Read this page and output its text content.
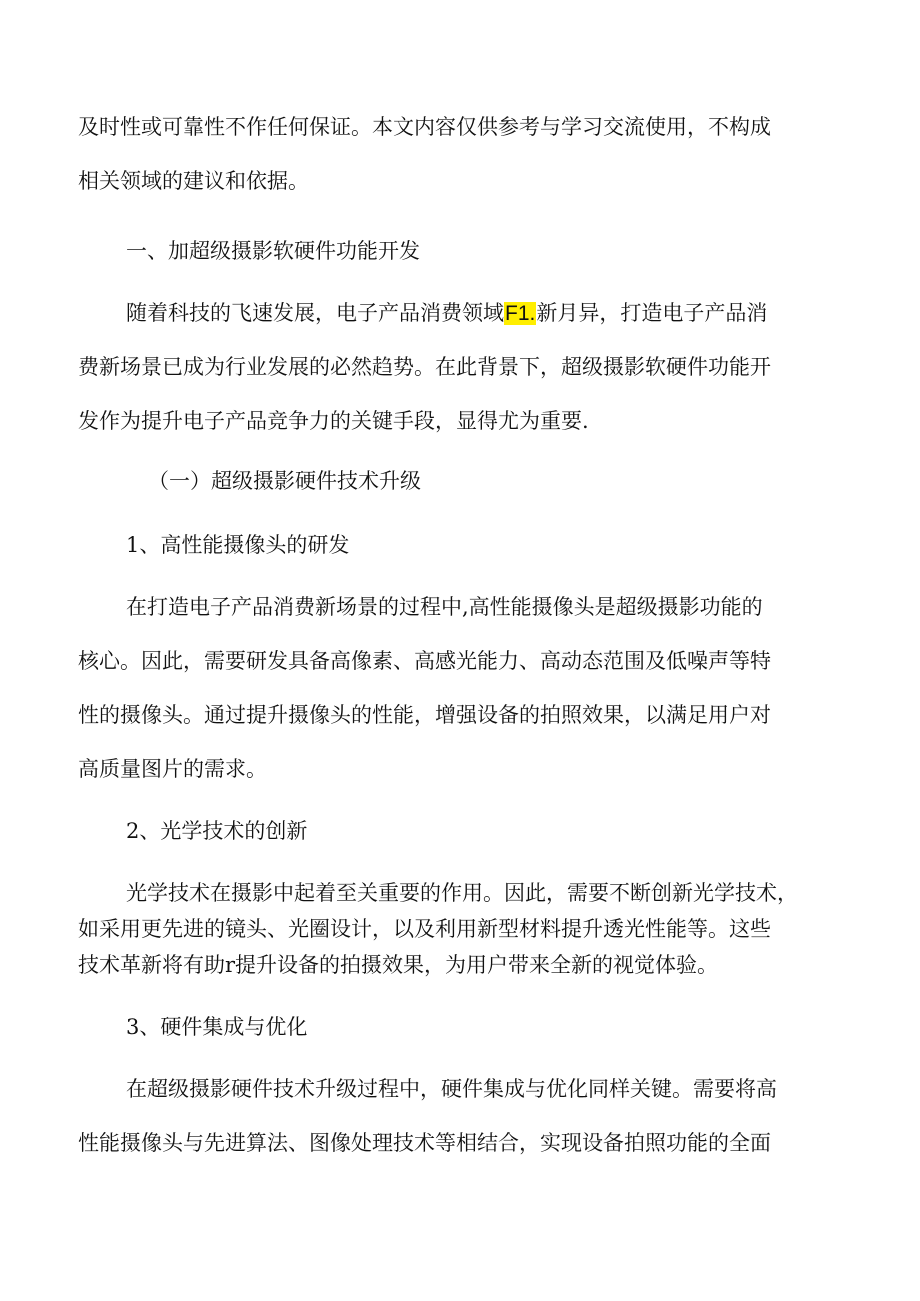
及时性或可靠性不作任何保证。本文内容仅供参考与学习交流使用，不构成

相关领域的建议和依据。

一、加超级摄影软硬件功能开发

随着科技的飞速发展，电子产品消费领域F1.新月异，打造电子产品消

费新场景已成为行业发展的必然趋势。在此背景下，超级摄影软硬件功能开

发作为提升电子产品竞争力的关键手段，显得尤为重要.

（一）超级摄影硬件技术升级

1、高性能摄像头的研发

在打造电子产品消费新场景的过程中,高性能摄像头是超级摄影功能的

核心。因此，需要研发具备高像素、高感光能力、高动态范围及低噪声等特

性的摄像头。通过提升摄像头的性能，增强设备的拍照效果，以满足用户对

高质量图片的需求。

2、光学技术的创新

光学技术在摄影中起着至关重要的作用。因此，需要不断创新光学技术，

如采用更先进的镜头、光圈设计，以及利用新型材料提升透光性能等。这些

技术革新将有助r提升设备的拍摄效果，为用户带来全新的视觉体验。

3、硬件集成与优化

在超级摄影硬件技术升级过程中，硬件集成与优化同样关键。需要将高

性能摄像头与先进算法、图像处理技术等相结合，实现设备拍照功能的全面
